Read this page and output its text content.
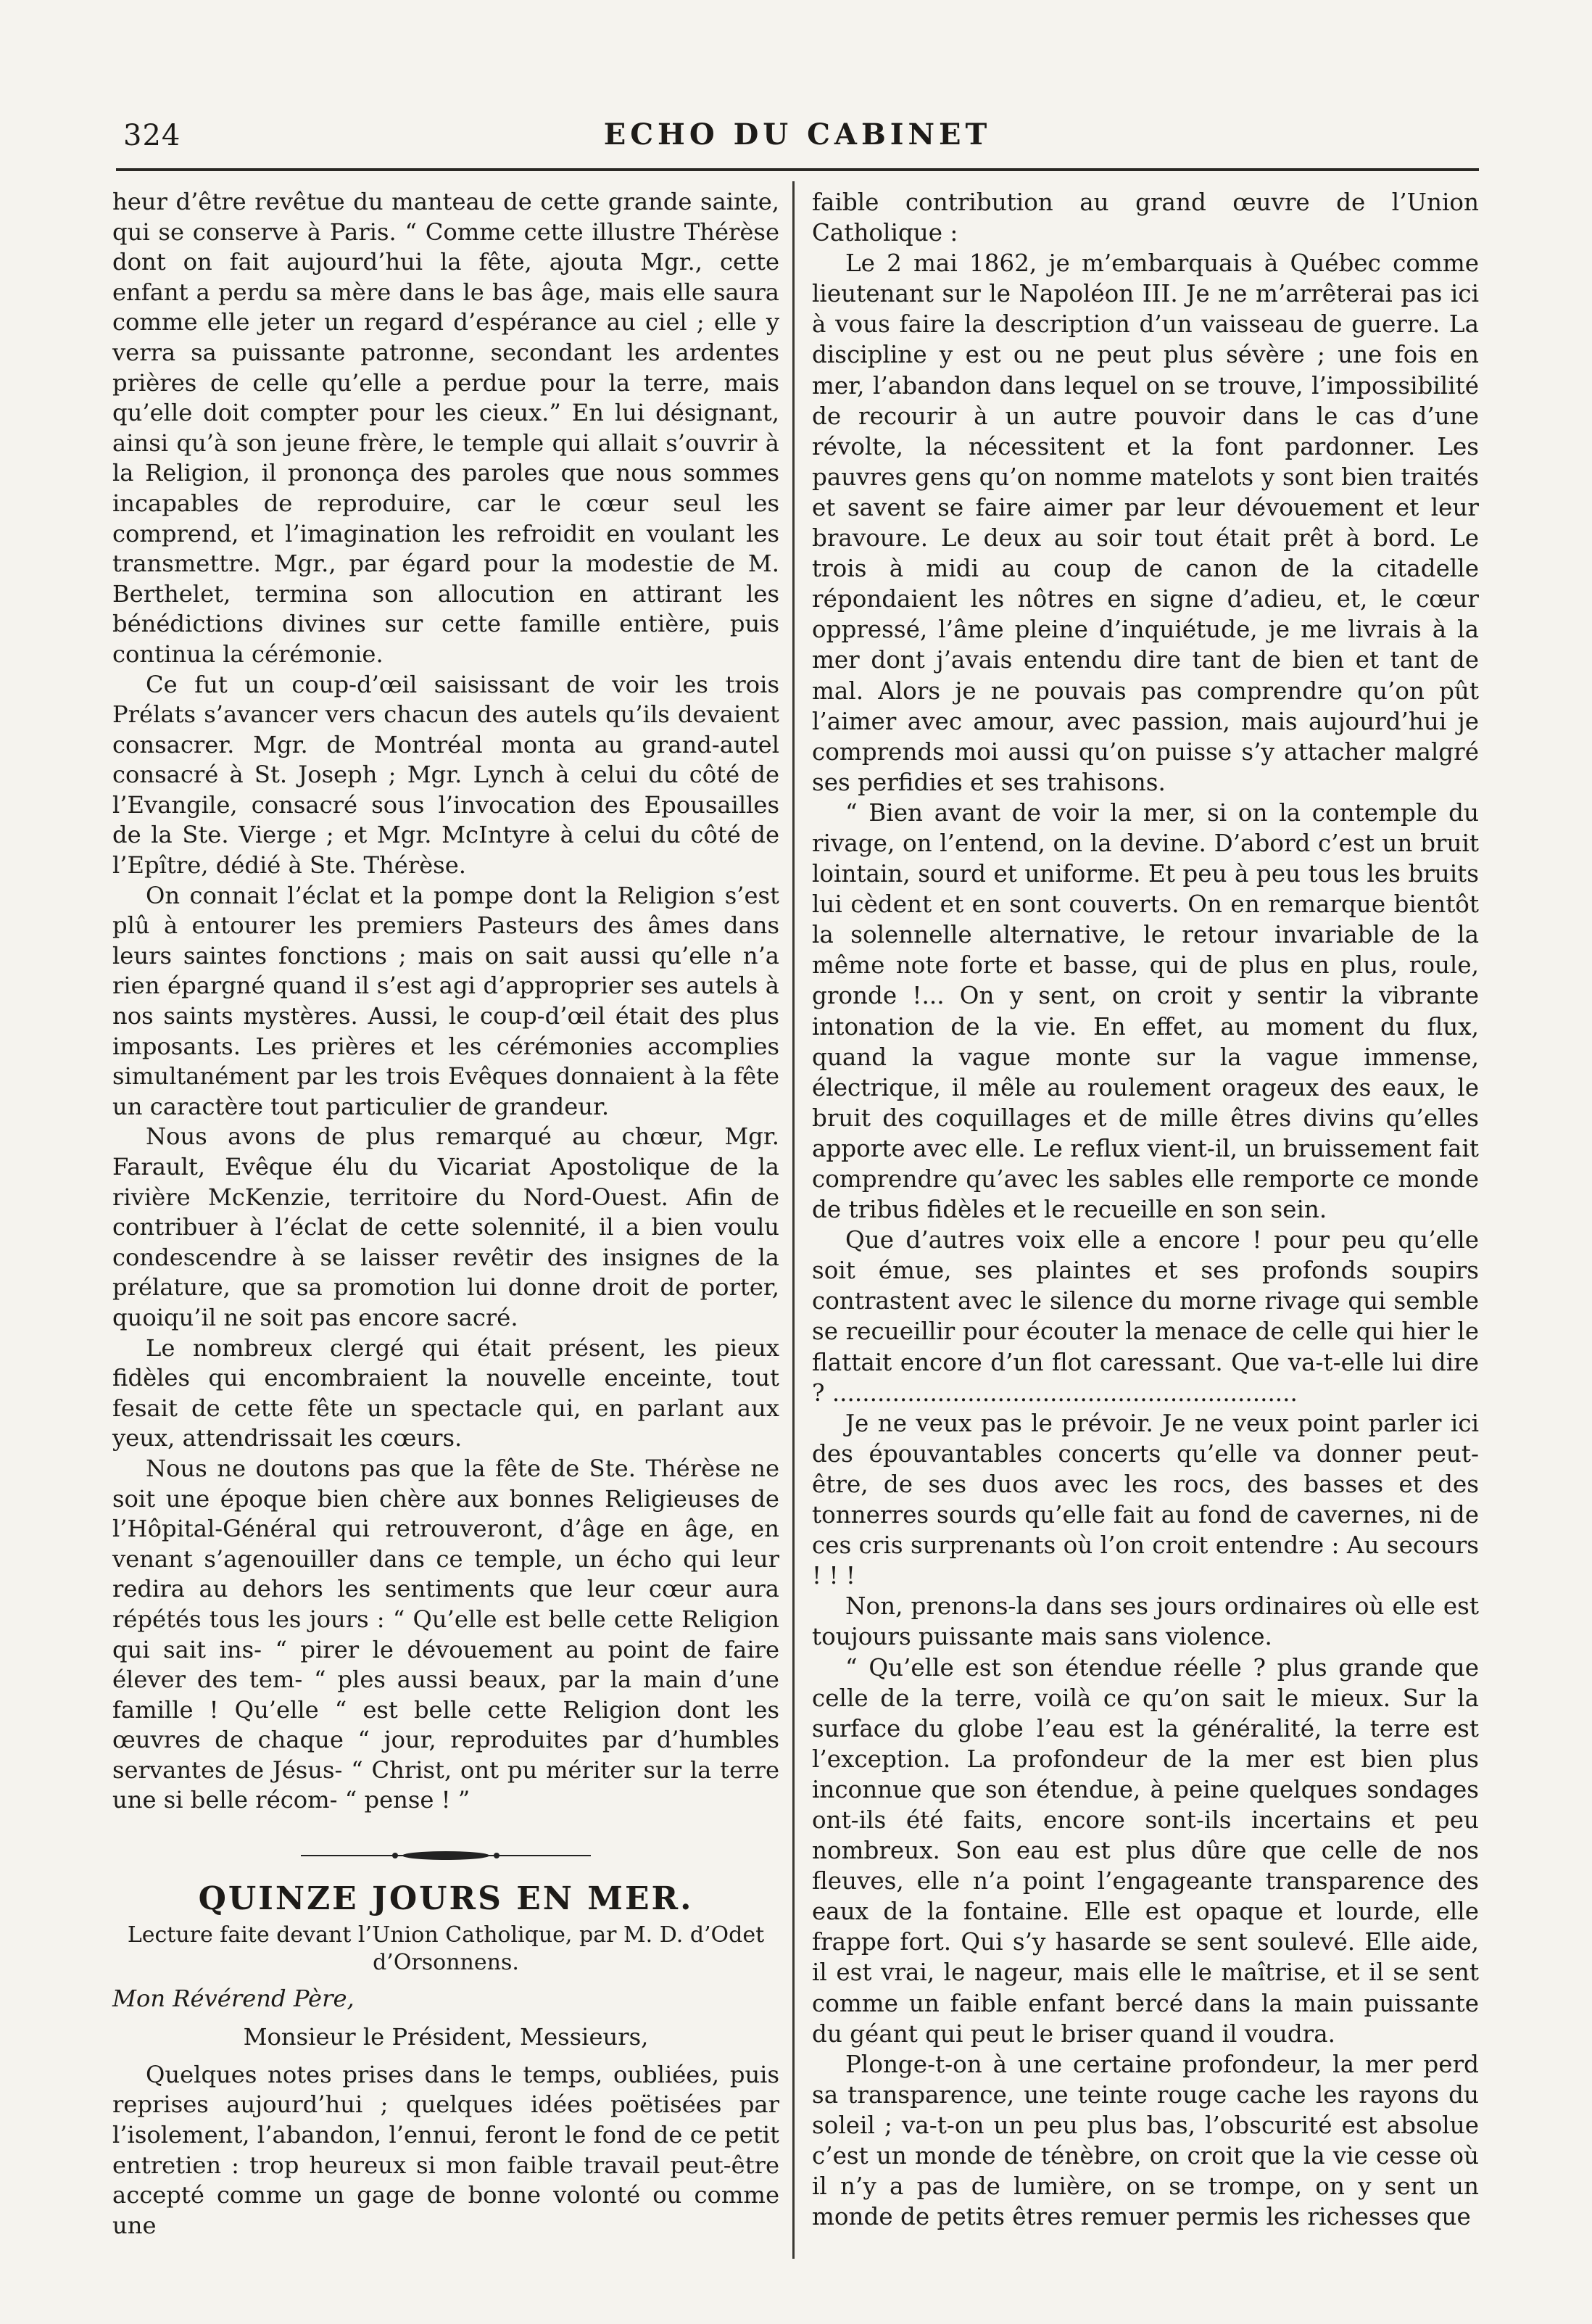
324	ECHO DU CABINET

heur d’être revêtue du manteau de cette grande sainte, qui se conserve à Paris. “ Comme cette illustre Thérèse dont on fait aujourd’hui la fête, ajouta Mgr., cette enfant a perdu sa mère dans le bas âge, mais elle saura comme elle jeter un regard d’espérance au ciel ; elle y verra sa puissante patronne, secondant les ardentes prières de celle qu’elle a perdue pour la terre, mais qu’elle doit compter pour les cieux.” En lui désignant, ainsi qu’à son jeune frère, le temple qui allait s’ouvrir à la Religion, il prononça des paroles que nous sommes incapables de reproduire, car le cœur seul les comprend, et l’imagination les refroidit en voulant les transmettre. Mgr., par égard pour la modestie de M. Berthelet, termina son allocution en attirant les bénédictions divines sur cette famille entière, puis continua la cérémonie.

Ce fut un coup-d’œil saisissant de voir les trois Prélats s’avancer vers chacun des autels qu’ils devaient consacrer. Mgr. de Montréal monta au grand-autel consacré à St. Joseph ; Mgr. Lynch à celui du côté de l’Evangile, consacré sous l’invocation des Epousailles de la Ste. Vierge ; et Mgr. McIntyre à celui du côté de l’Epître, dédié à Ste. Thérèse.

On connait l’éclat et la pompe dont la Religion s’est plû à entourer les premiers Pasteurs des âmes dans leurs saintes fonctions ; mais on sait aussi qu’elle n’a rien épargné quand il s’est agi d’approprier ses autels à nos saints mystères. Aussi, le coup-d’œil était des plus imposants. Les prières et les cérémonies accomplies simultanément par les trois Evêques donnaient à la fête un caractère tout particulier de grandeur.

Nous avons de plus remarqué au chœur, Mgr. Farault, Evêque élu du Vicariat Apostolique de la rivière McKenzie, territoire du Nord-Ouest. Afin de contribuer à l’éclat de cette solennité, il a bien voulu condescendre à se laisser revêtir des insignes de la prélature, que sa promotion lui donne droit de porter, quoiqu’il ne soit pas encore sacré.

Le nombreux clergé qui était présent, les pieux fidèles qui encombraient la nouvelle enceinte, tout fesait de cette fête un spectacle qui, en parlant aux yeux, attendrissait les cœurs.

Nous ne doutons pas que la fête de Ste. Thérèse ne soit une époque bien chère aux bonnes Religieuses de l’Hôpital-Général qui retrouveront, d’âge en âge, en venant s’agenouiller dans ce temple, un écho qui leur redira au dehors les sentiments que leur cœur aura répétés tous les jours : “ Qu’elle est belle cette Religion qui sait ins- “ pirer le dévouement au point de faire élever des tem- “ ples aussi beaux, par la main d’une famille ! Qu’elle “ est belle cette Religion dont les œuvres de chaque “ jour, reproduites par d’humbles servantes de Jésus- “ Christ, ont pu mériter sur la terre une si belle récom- “ pense ! ”

QUINZE JOURS EN MER.
Lecture faite devant l’Union Catholique, par M. D. d’Odet d’Orsonnens.

Mon Révérend Père,

Monsieur le Président, Messieurs,

Quelques notes prises dans le temps, oubliées, puis reprises aujourd’hui ; quelques idées poëtisées par l’isolement, l’abandon, l’ennui, feront le fond de ce petit entretien : trop heureux si mon faible travail peut-être accepté comme un gage de bonne volonté ou comme une

faible contribution au grand œuvre de l’Union Catholique :

Le 2 mai 1862, je m’embarquais à Québec comme lieutenant sur le Napoléon III. Je ne m’arrêterai pas ici à vous faire la description d’un vaisseau de guerre. La discipline y est ou ne peut plus sévère ; une fois en mer, l’abandon dans lequel on se trouve, l’impossibilité de recourir à un autre pouvoir dans le cas d’une révolte, la nécessitent et la font pardonner. Les pauvres gens qu’on nomme matelots y sont bien traités et savent se faire aimer par leur dévouement et leur bravoure. Le deux au soir tout était prêt à bord. Le trois à midi au coup de canon de la citadelle répondaient les nôtres en signe d’adieu, et, le cœur oppressé, l’âme pleine d’inquiétude, je me livrais à la mer dont j’avais entendu dire tant de bien et tant de mal. Alors je ne pouvais pas comprendre qu’on pût l’aimer avec amour, avec passion, mais aujourd’hui je comprends moi aussi qu’on puisse s’y attacher malgré ses perfidies et ses trahisons.

“ Bien avant de voir la mer, si on la contemple du rivage, on l’entend, on la devine. D’abord c’est un bruit lointain, sourd et uniforme. Et peu à peu tous les bruits lui cèdent et en sont couverts. On en remarque bientôt la solennelle alternative, le retour invariable de la même note forte et basse, qui de plus en plus, roule, gronde !... On y sent, on croit y sentir la vibrante intonation de la vie. En effet, au moment du flux, quand la vague monte sur la vague immense, électrique, il mêle au roulement orageux des eaux, le bruit des coquillages et de mille êtres divins qu’elles apporte avec elle. Le reflux vient-il, un bruissement fait comprendre qu’avec les sables elle remporte ce monde de tribus fidèles et le recueille en son sein.

Que d’autres voix elle a encore ! pour peu qu’elle soit émue, ses plaintes et ses profonds soupirs contrastent avec le silence du morne rivage qui semble se recueillir pour écouter la menace de celle qui hier le flattait encore d’un flot caressant. Que va-t-elle lui dire ? ..............................................................

Je ne veux pas le prévoir. Je ne veux point parler ici des épouvantables concerts qu’elle va donner peut-être, de ses duos avec les rocs, des basses et des tonnerres sourds qu’elle fait au fond de cavernes, ni de ces cris surprenants où l’on croit entendre : Au secours ! ! !

Non, prenons-la dans ses jours ordinaires où elle est toujours puissante mais sans violence.

“ Qu’elle est son étendue réelle ? plus grande que celle de la terre, voilà ce qu’on sait le mieux. Sur la surface du globe l’eau est la généralité, la terre est l’exception. La profondeur de la mer est bien plus inconnue que son étendue, à peine quelques sondages ont-ils été faits, encore sont-ils incertains et peu nombreux. Son eau est plus dûre que celle de nos fleuves, elle n’a point l’engageante transparence des eaux de la fontaine. Elle est opaque et lourde, elle frappe fort. Qui s’y hasarde se sent soulevé. Elle aide, il est vrai, le nageur, mais elle le maîtrise, et il se sent comme un faible enfant bercé dans la main puissante du géant qui peut le briser quand il voudra.

Plonge-t-on à une certaine profondeur, la mer perd sa transparence, une teinte rouge cache les rayons du soleil ; va-t-on un peu plus bas, l’obscurité est absolue c’est un monde de ténèbre, on croit que la vie cesse où il n’y a pas de lumière, on se trompe, on y sent un monde de petits êtres remuer permis les richesses que
